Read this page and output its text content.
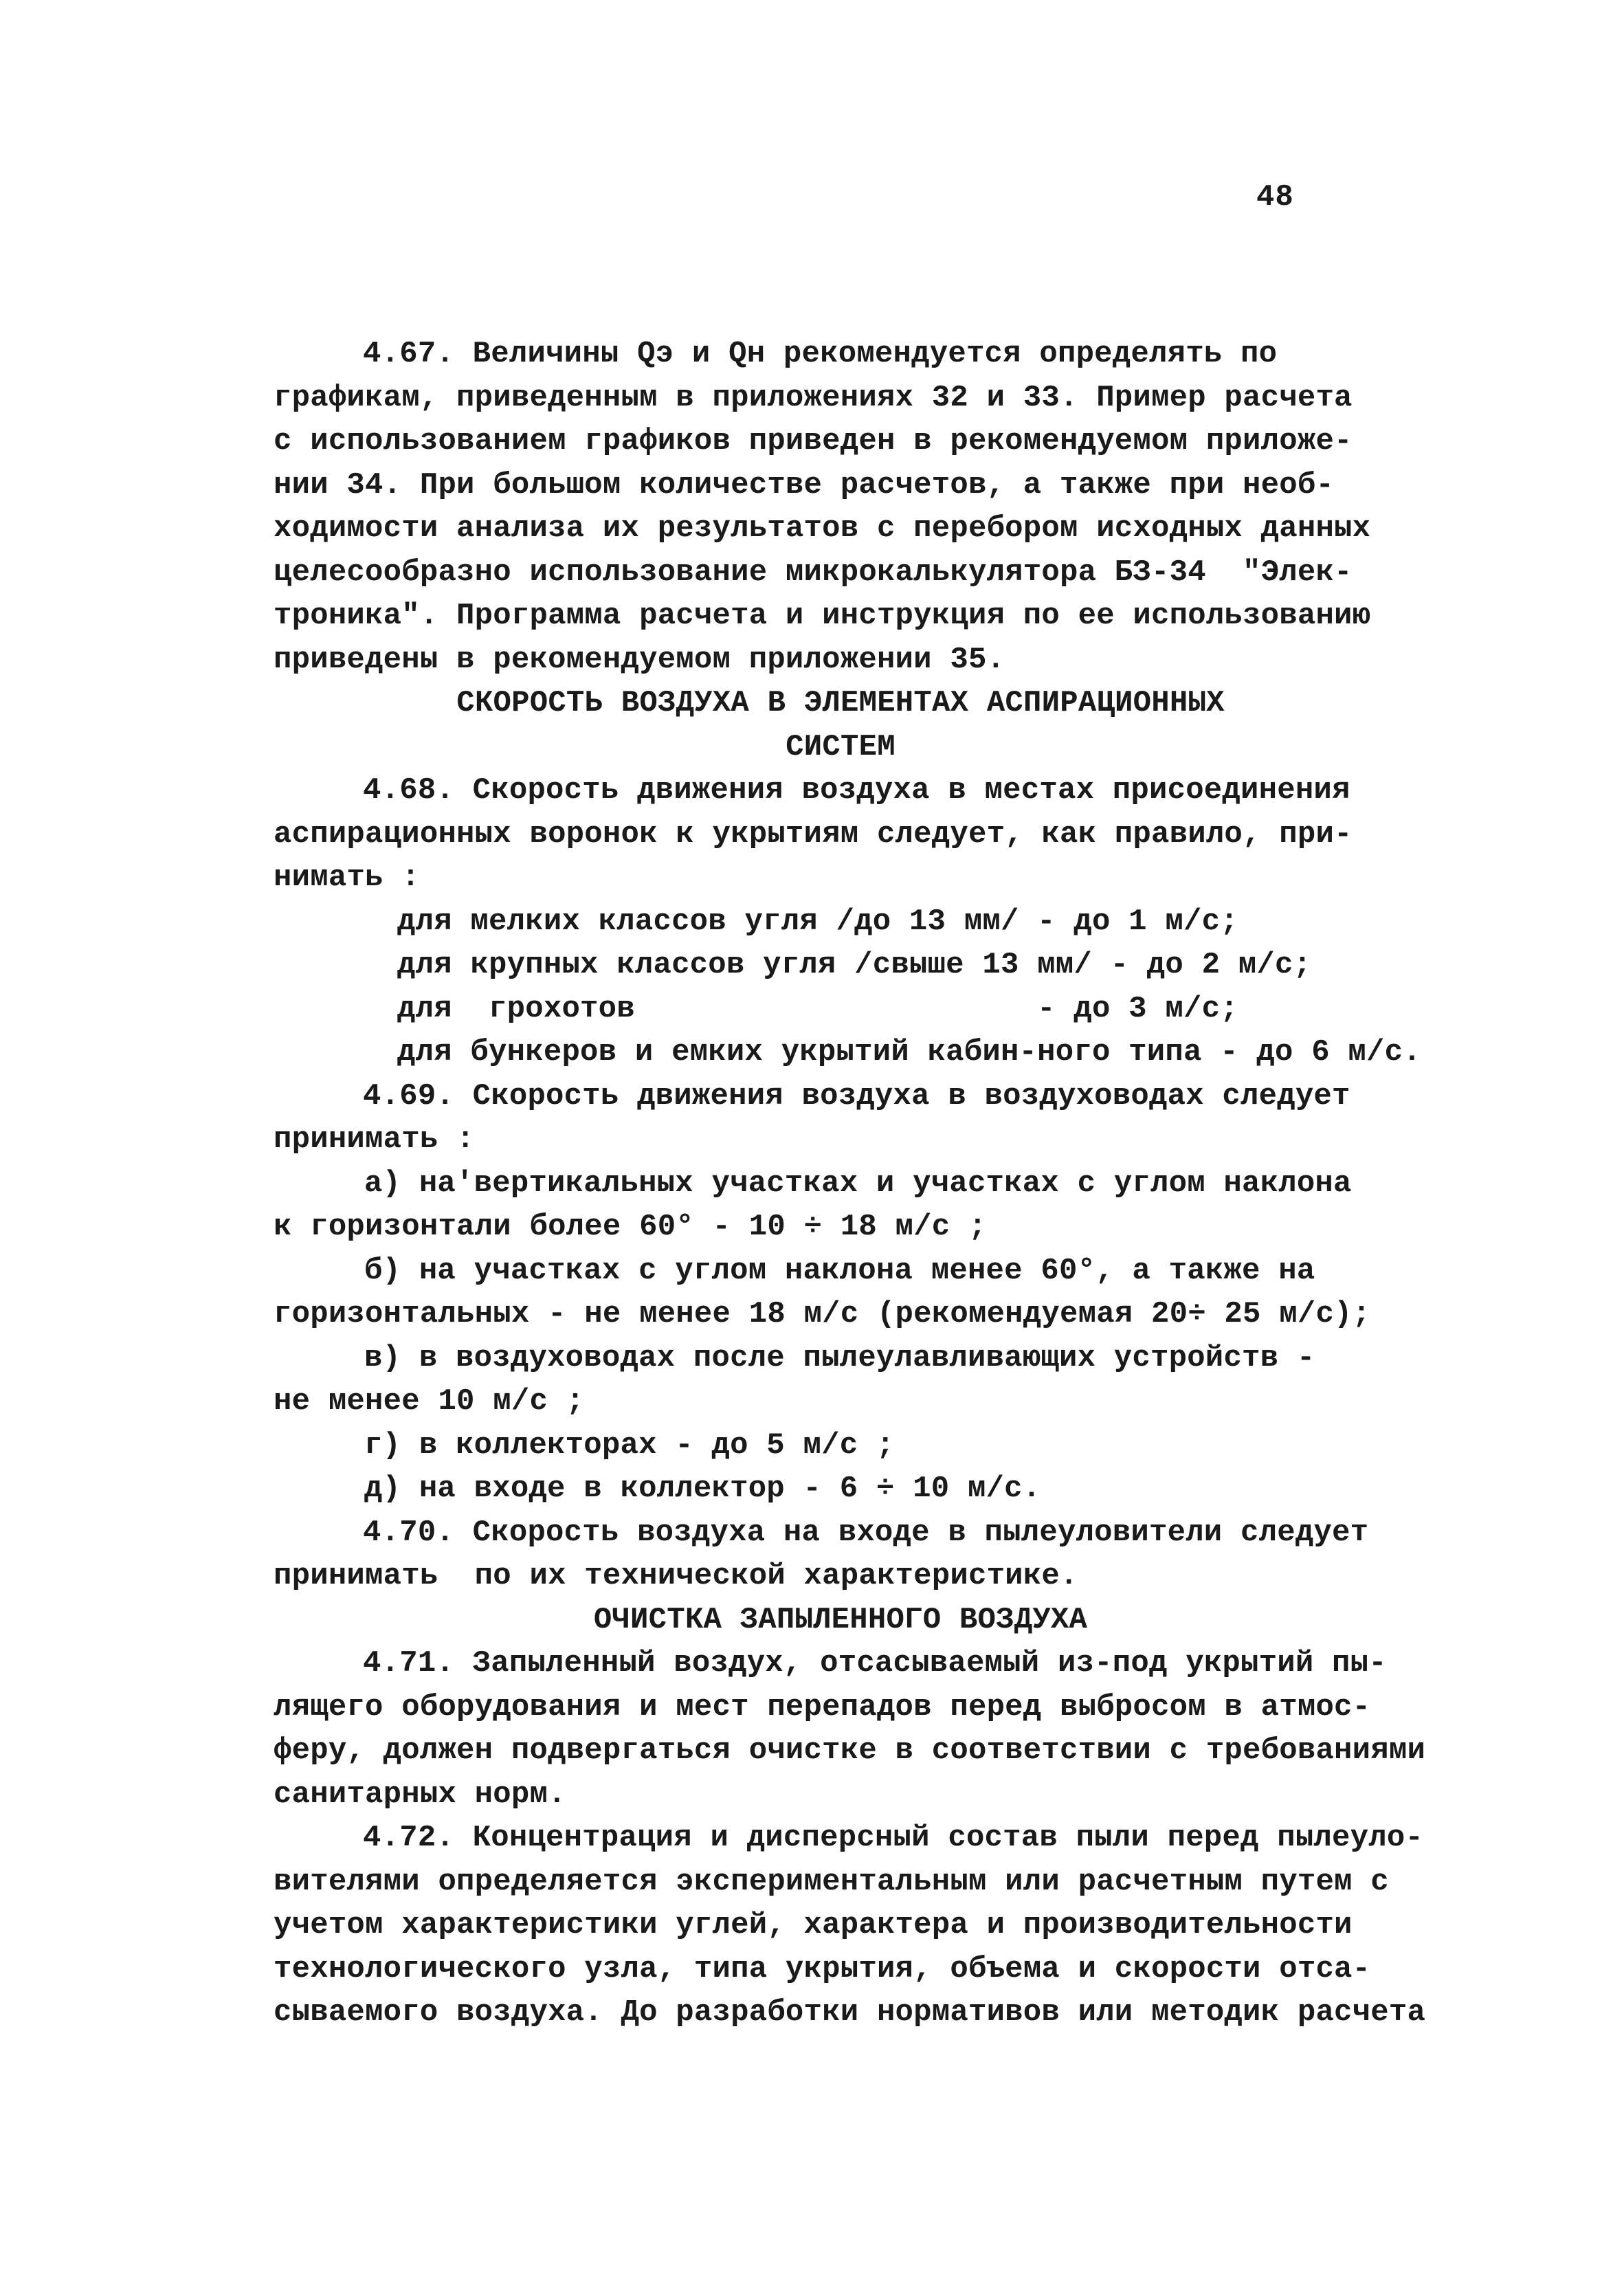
48
4.67. Величины Qэ и Qн рекомендуется определять по
графикам, приведенным в приложениях 32 и 33. Пример расчета
с использованием графиков приведен в рекомендуемом приложе-
нии 34. При большом количестве расчетов, а также при необ-
ходимости анализа их результатов с перебором исходных данных
целесообразно использование микрокалькулятора БЗ-34  "Элек-
троника". Программа расчета и инструкция по ее использованию
приведены в рекомендуемом приложении 35.
СКОРОСТЬ ВОЗДУХА В ЭЛЕМЕНТАХ АСПИРАЦИОННЫХ
СИСТЕМ
4.68. Скорость движения воздуха в местах присоединения
аспирационных воронок к укрытиям следует, как правило, при-
нимать :
для мелких классов угля /до 13 мм/ - до 1 м/с;
для крупных классов угля /свыше 13 мм/ - до 2 м/с;
для  грохотов                      - до 3 м/с;
для бункеров и емких укрытий кабин-ного типа - до 6 м/с.
4.69. Скорость движения воздуха в воздуховодах следует
принимать :
а) на'вертикальных участках и участках с углом наклона
к горизонтали более 60° - 10 ÷ 18 м/с ;
б) на участках с углом наклона менее 60°, а также на
горизонтальных - не менее 18 м/с (рекомендуемая 20÷ 25 м/с);
в) в воздуховодах после пылеулавливающих устройств -
не менее 10 м/с ;
г) в коллекторах - до 5 м/с ;
д) на входе в коллектор - 6 ÷ 10 м/с.
4.70. Скорость воздуха на входе в пылеуловители следует
принимать  по их технической характеристике.
ОЧИСТКА ЗАПЫЛЕННОГО ВОЗДУХА
4.71. Запыленный воздух, отсасываемый из-под укрытий пы-
лящего оборудования и мест перепадов перед выбросом в атмос-
феру, должен подвергаться очистке в соответствии с требованиями
санитарных норм.
4.72. Концентрация и дисперсный состав пыли перед пылеуло-
вителями определяется экспериментальным или расчетным путем с
учетом характеристики углей, характера и производительности
технологического узла, типа укрытия, объема и скорости отса-
сываемого воздуха. До разработки нормативов или методик расчета
